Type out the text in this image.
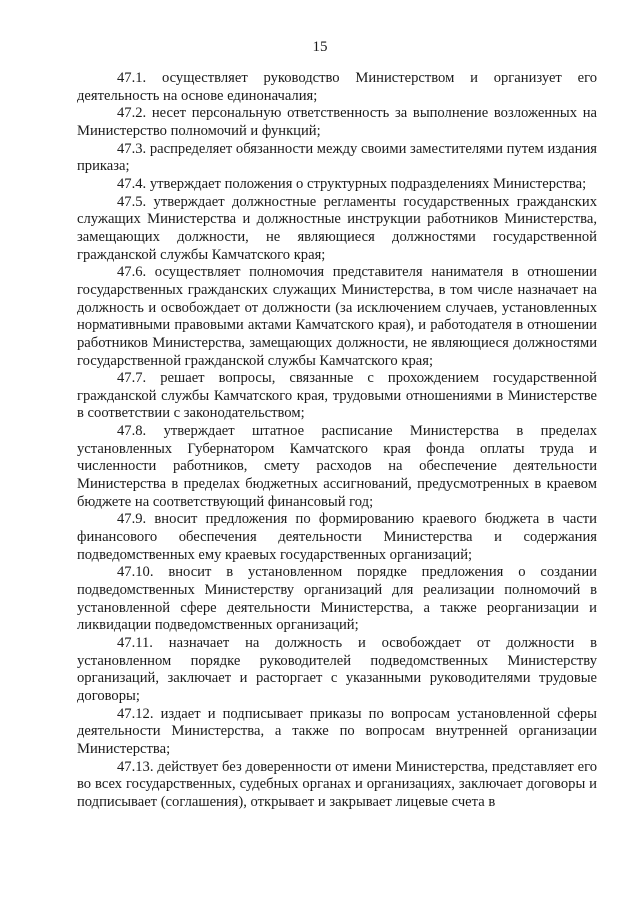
15

47.1. осуществляет руководство Министерством и организует его деятельность на основе единоначалия;

47.2. несет персональную ответственность за выполнение возложенных на Министерство полномочий и функций;

47.3. распределяет обязанности между своими заместителями путем издания приказа;

47.4. утверждает положения о структурных подразделениях Министерства;

47.5. утверждает должностные регламенты государственных гражданских служащих Министерства и должностные инструкции работников Министерства, замещающих должности, не являющиеся должностями государственной гражданской службы Камчатского края;

47.6. осуществляет полномочия представителя нанимателя в отношении государственных гражданских служащих Министерства, в том числе назначает на должность и освобождает от должности (за исключением случаев, установленных нормативными правовыми актами Камчатского края), и работодателя в отношении работников Министерства, замещающих должности, не являющиеся должностями государственной гражданской службы Камчатского края;

47.7. решает вопросы, связанные с прохождением государственной гражданской службы Камчатского края, трудовыми отношениями в Министерстве в соответствии с законодательством;

47.8. утверждает штатное расписание Министерства в пределах установленных Губернатором Камчатского края фонда оплаты труда и численности работников, смету расходов на обеспечение деятельности Министерства в пределах бюджетных ассигнований, предусмотренных в краевом бюджете на соответствующий финансовый год;

47.9. вносит предложения по формированию краевого бюджета в части финансового обеспечения деятельности Министерства и содержания подведомственных ему краевых государственных организаций;

47.10. вносит в установленном порядке предложения о создании подведомственных Министерству организаций для реализации полномочий в установленной сфере деятельности Министерства, а также реорганизации и ликвидации подведомственных организаций;

47.11. назначает на должность и освобождает от должности в установленном порядке руководителей подведомственных Министерству организаций, заключает и расторгает с указанными руководителями трудовые договоры;

47.12. издает и подписывает приказы по вопросам установленной сферы деятельности Министерства, а также по вопросам внутренней организации Министерства;

47.13. действует без доверенности от имени Министерства, представляет его во всех государственных, судебных органах и организациях, заключает договоры и подписывает (соглашения), открывает и закрывает лицевые счета в
